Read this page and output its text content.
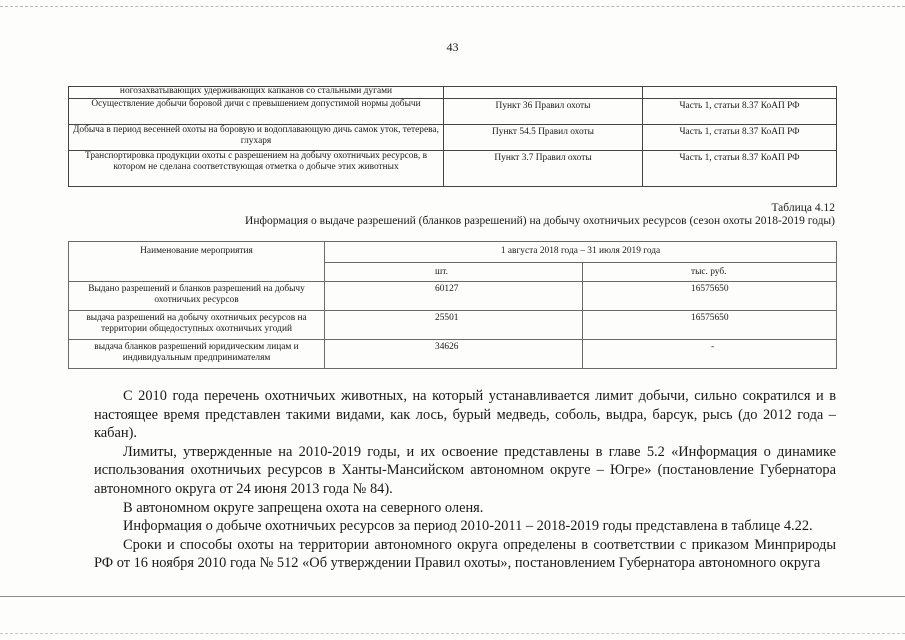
43
ногозахватывающих удерживающих капканов со стальными дугами		
Осуществление добычи боровой дичи с превышением допустимой нормы добычи	Пункт 36 Правил охоты	Часть 1, статьи 8.37 КоАП РФ
Добыча в период весенней охоты на боровую и водоплавающую дичь самок уток, тетерева, глухаря	Пункт 54.5 Правил охоты	Часть 1, статьи 8.37 КоАП РФ
Транспортировка продукции охоты с разрешением на добычу охотничьих ресурсов, в котором не сделана соответствующая отметка о добыче этих животных	Пункт 3.7 Правил охоты	Часть 1, статьи 8.37 КоАП РФ
Таблица 4.12
Информация о выдаче разрешений (бланков разрешений) на добычу охотничьих ресурсов (сезон охоты 2018-2019 годы)
Наименование мероприятия	1 августа 2018 года – 31 июля 2019 года	
	шт.	тыс. руб.
Выдано разрешений и бланков разрешений на добычу охотничьих ресурсов	60127	16575650
выдача разрешений на добычу охотничьих ресурсов на территории общедоступных охотничьих угодий	25501	16575650
выдача бланков разрешений юридическим лицам и индивидуальным предпринимателям	34626	-

С 2010 года перечень охотничьих животных, на который устанавливается лимит добычи, сильно сократился и в настоящее время представлен такими видами, как лось, бурый медведь, соболь, выдра, барсук, рысь (до 2012 года – кабан).

Лимиты, утвержденные на 2010-2019 годы, и их освоение представлены в главе 5.2 «Информация о динамике использования охотничьих ресурсов в Ханты-Мансийском автономном округе – Югре» (постановление Губернатора автономного округа от 24 июня 2013 года № 84).

В автономном округе запрещена охота на северного оленя.

Информация о добыче охотничьих ресурсов за период 2010-2011 – 2018-2019 годы представлена в таблице 4.22.

Сроки и способы охоты на территории автономного округа определены в соответствии с приказом Минприроды РФ от 16 ноября 2010 года № 512 «Об утверждении Правил охоты», постановлением Губернатора автономного округа
